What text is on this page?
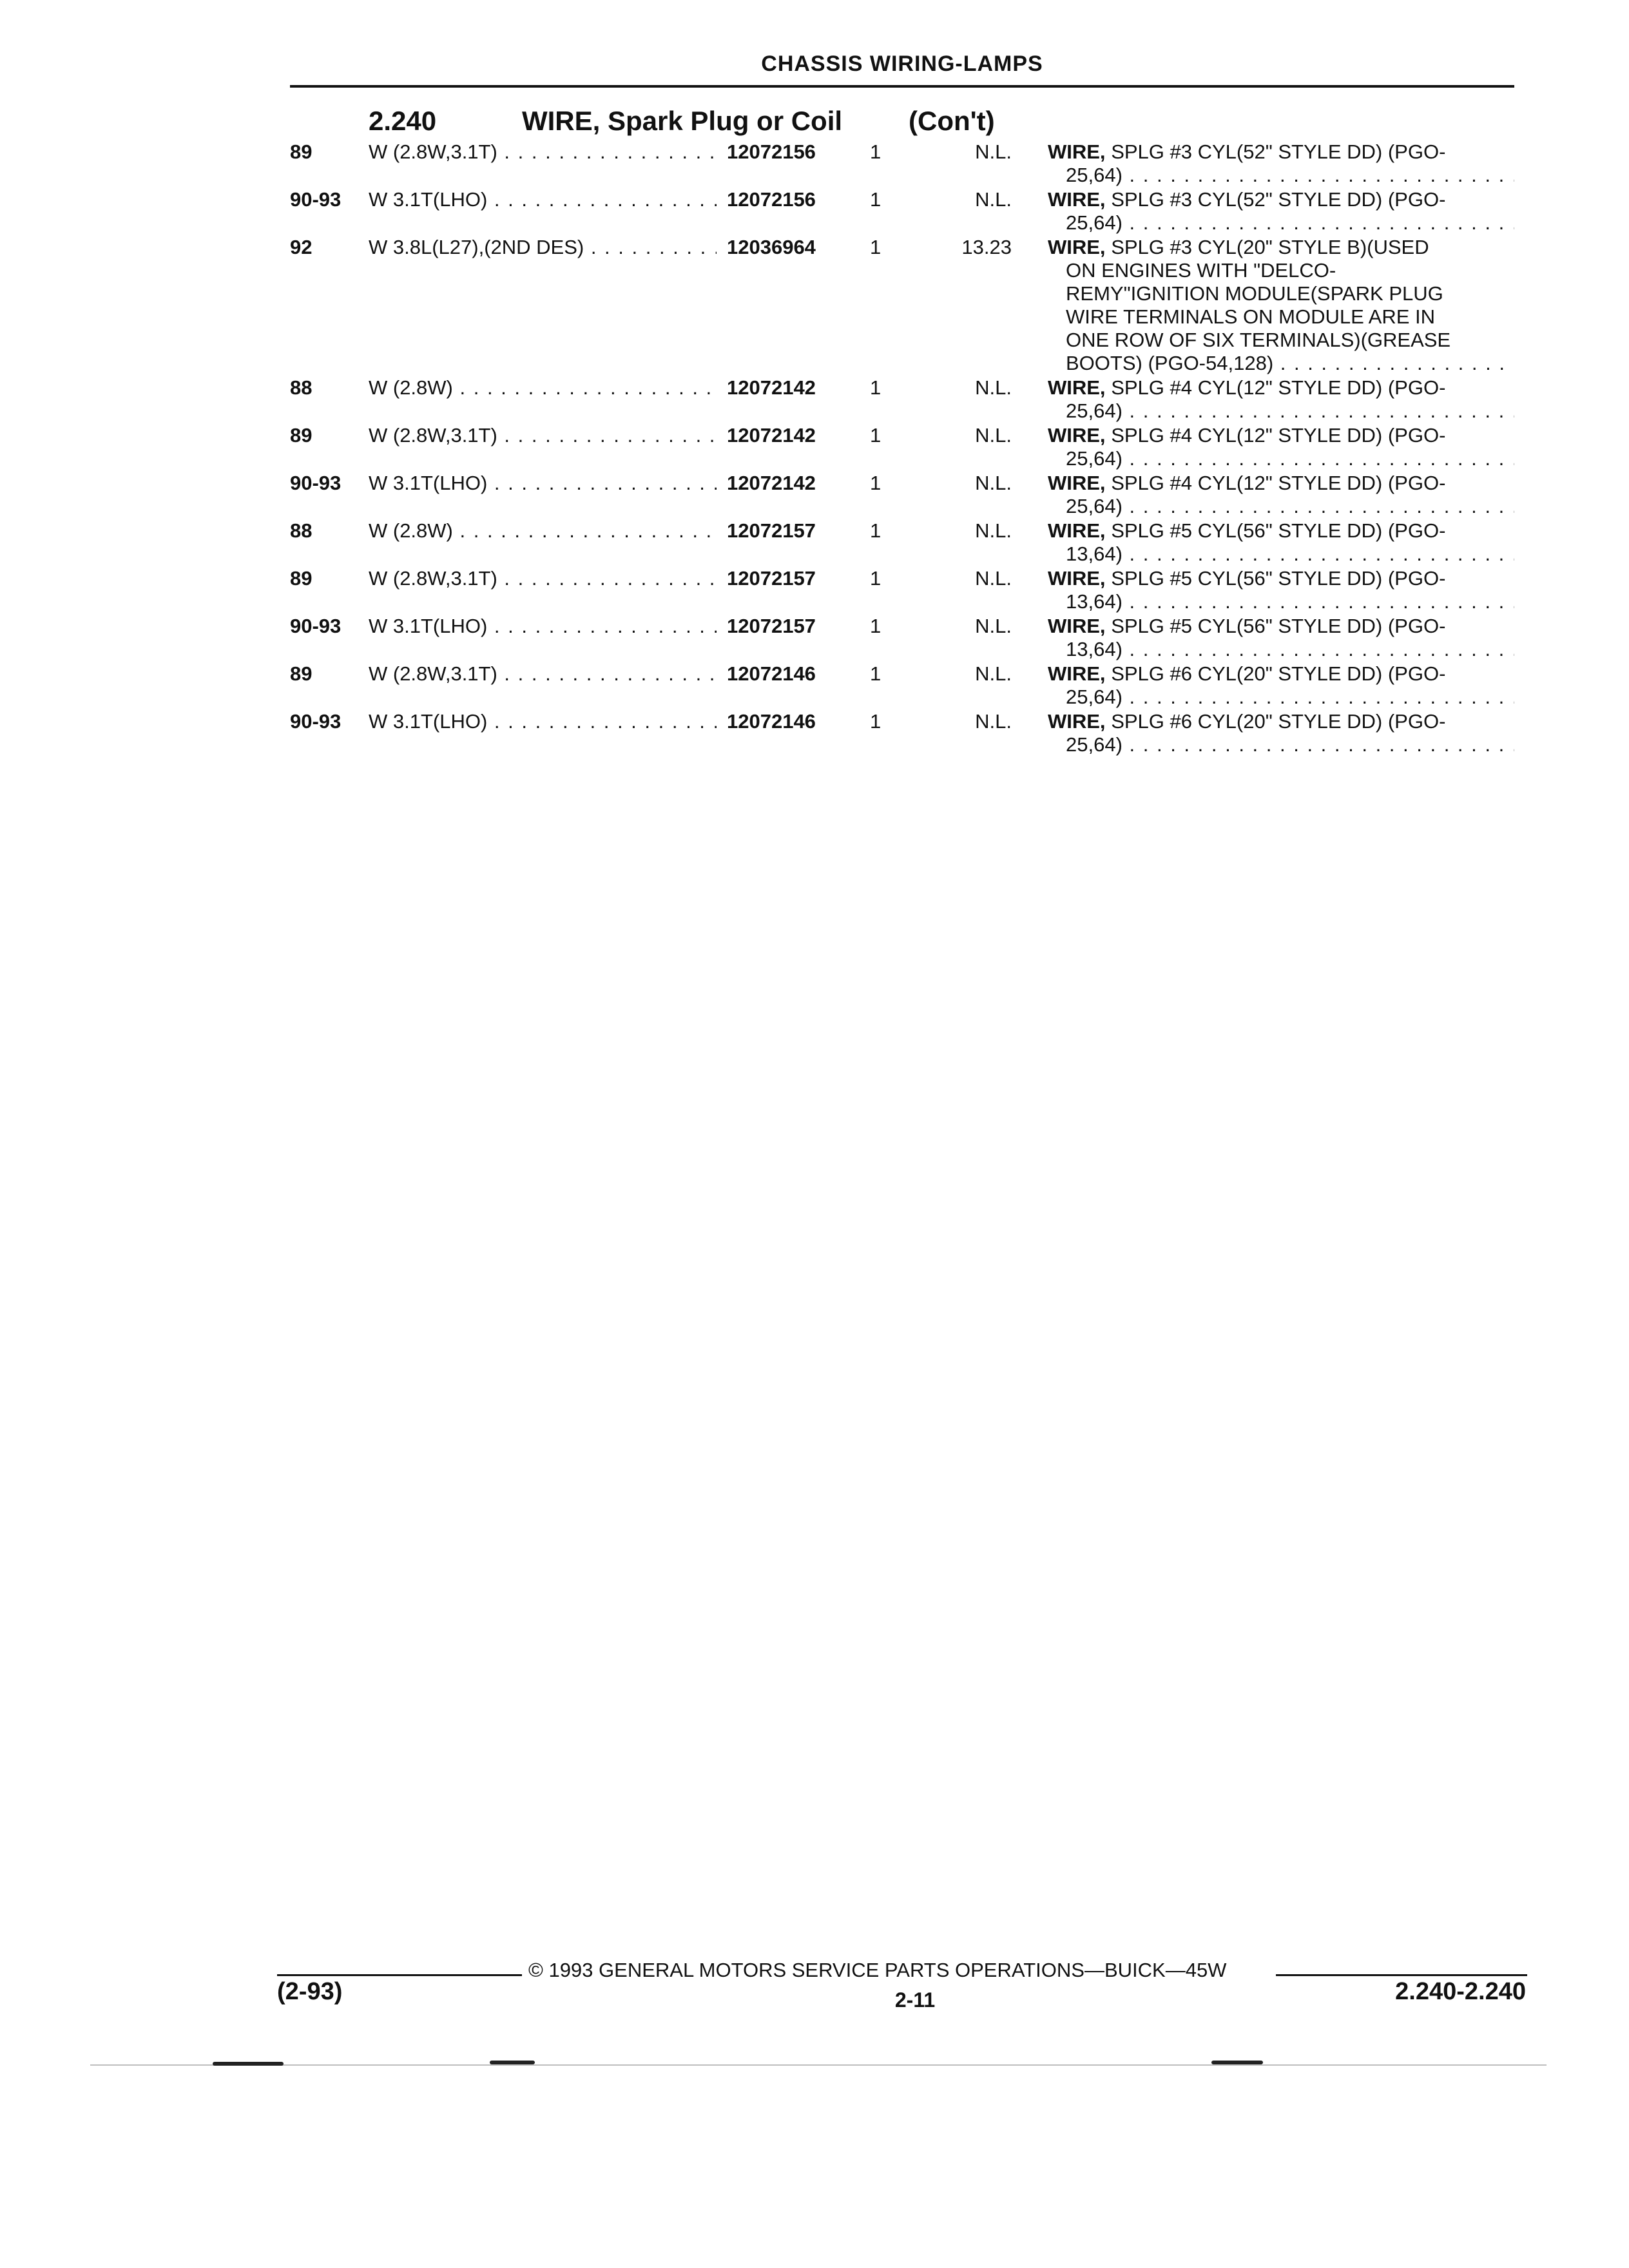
CHASSIS WIRING-LAMPS
2.240	WIRE, Spark Plug or Coil (Con't)
89	W (2.8W,3.1T) . . .	12072156	1	N.L. WIRE, SPLG #3 CYL(52" STYLE DD) (PGO-
25,64) . . .
90-93 W 3.1T(LHO) . . .	12072156	1	N.L. WIRE, SPLG #3 CYL(52" STYLE DD) (PGO-
25,64) . . .
92	W 3.8L(L27),(2ND DES) . . .	12036964	1	13.23 WIRE, SPLG #3 CYL(20" STYLE B)(USED
ON ENGINES WITH "DELCO-
REMY"IGNITION MODULE(SPARK PLUG
WIRE TERMINALS ON MODULE ARE IN
ONE ROW OF SIX TERMINALS)(GREASE
BOOTS) (PGO-54,128) . . .
88	W (2.8W) . . .	12072142	1	N.L. WIRE, SPLG #4 CYL(12" STYLE DD) (PGO-
25,64) . . .
89	W (2.8W,3.1T) . . .	12072142	1	N.L. WIRE, SPLG #4 CYL(12" STYLE DD) (PGO-
25,64) . . .
90-93 W 3.1T(LHO) . . .	12072142	1	N.L. WIRE, SPLG #4 CYL(12" STYLE DD) (PGO-
25,64) . . .
88	W (2.8W) . . .	12072157	1	N.L. WIRE, SPLG #5 CYL(56" STYLE DD) (PGO-
13,64) . . .
89	W (2.8W,3.1T) . . .	12072157	1	N.L. WIRE, SPLG #5 CYL(56" STYLE DD) (PGO-
13,64) . . .
90-93 W 3.1T(LHO) . . .	12072157	1	N.L. WIRE, SPLG #5 CYL(56" STYLE DD) (PGO-
13,64) . . .
89	W (2.8W,3.1T) . . .	12072146	1	N.L. WIRE, SPLG #6 CYL(20" STYLE DD) (PGO-
25,64) . . .
90-93 W 3.1T(LHO) . . .	12072146	1	N.L. WIRE, SPLG #6 CYL(20" STYLE DD) (PGO-
25,64) . . .
© 1993 GENERAL MOTORS SERVICE PARTS OPERATIONS—BUICK—45W
(2-93)	2-11	2.240-2.240
